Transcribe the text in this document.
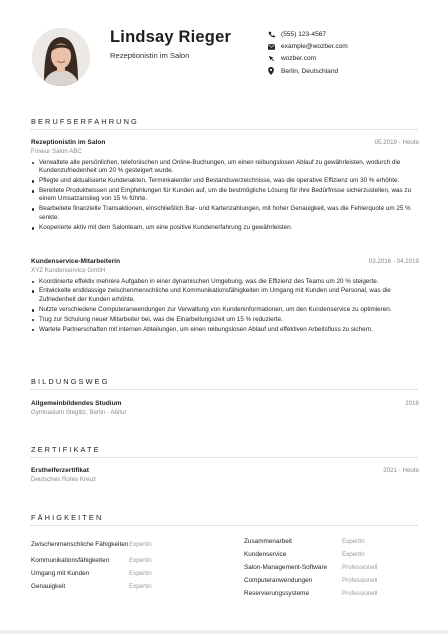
Lindsay Rieger
Rezeptionistin im Salon
(555) 123-4567
example@wozber.com
wozber.com
Berlin, Deutschland
BERUFSERFAHRUNG
Rezeptionistin im Salon	05.2019 - Heute
Friseur Salon ABC
Verwaltete alle persönlichen, telefonischen und Online-Buchungen, um einen reibungslosen Ablauf zu gewährleisten, wodurch die Kundenzufriedenheit um 20 % gesteigert wurde.
Pflegte und aktualisierte Kundenakten, Terminkalender und Bestandsverzeichnisse, was die operative Effizienz um 30 % erhöhte.
Bereitete Produktwissen und Empfehlungen für Kunden auf, um die bestmögliche Lösung für ihre Bedürfnisse sicherzustellen, was zu einem Umsatzanstieg von 15 % führte.
Bearbeitete finanzielle Transaktionen, einschließlich Bar- und Kartenzahlungen, mit hoher Genauigkeit, was die Fehlerquote um 25 % senkte.
Kooperierte aktiv mit dem Salonteam, um eine positive Kundenerfahrung zu gewährleisten.
Kundenservice-Mitarbeiterin	03.2016 - 04.2019
XYZ Kundenservice GmbH
Koordinierte effektiv mehrere Aufgaben in einer dynamischen Umgebung, was die Effizienz des Teams um 20 % steigerte.
Entwickelte erstklassige zwischenmenschliche und Kommunikationsfähigkeiten im Umgang mit Kunden und Personal, was die Zufriedenheit der Kunden erhöhte.
Nutzte verschiedene Computeranwendungen zur Verwaltung von Kundeninformationen, um den Kundenservice zu optimieren.
Trug zur Schulung neuer Mitarbeiter bei, was die Einarbeitungszeit um 15 % reduzierte.
Wartete Partnerschaften mit internen Abteilungen, um einen reibungslosen Ablauf und effektiven Arbeitsfluss zu sichern.
BILDUNGSWEG
Allgemeinbildendes Studium	2016
Gymnasium Steglitz, Berlin - Abitur
ZERTIFIKATE
Ersthelferzertifikat	2021 - Heute
Deutsches Rotes Kreuz
FÄHIGKEITEN
Zwischenmenschliche Fähigkeiten Expertin
Kommunikationsfähigkeiten	Expertin
Umgang mit Kunden	Expertin
Genauigkeit	Expertin
Zusammenarbeit	Expertin
Kundenservice	Expertin
Salon-Management-Software	Professionell
Computeranwendungen	Professionell
Reservierungssysteme	Professionell
